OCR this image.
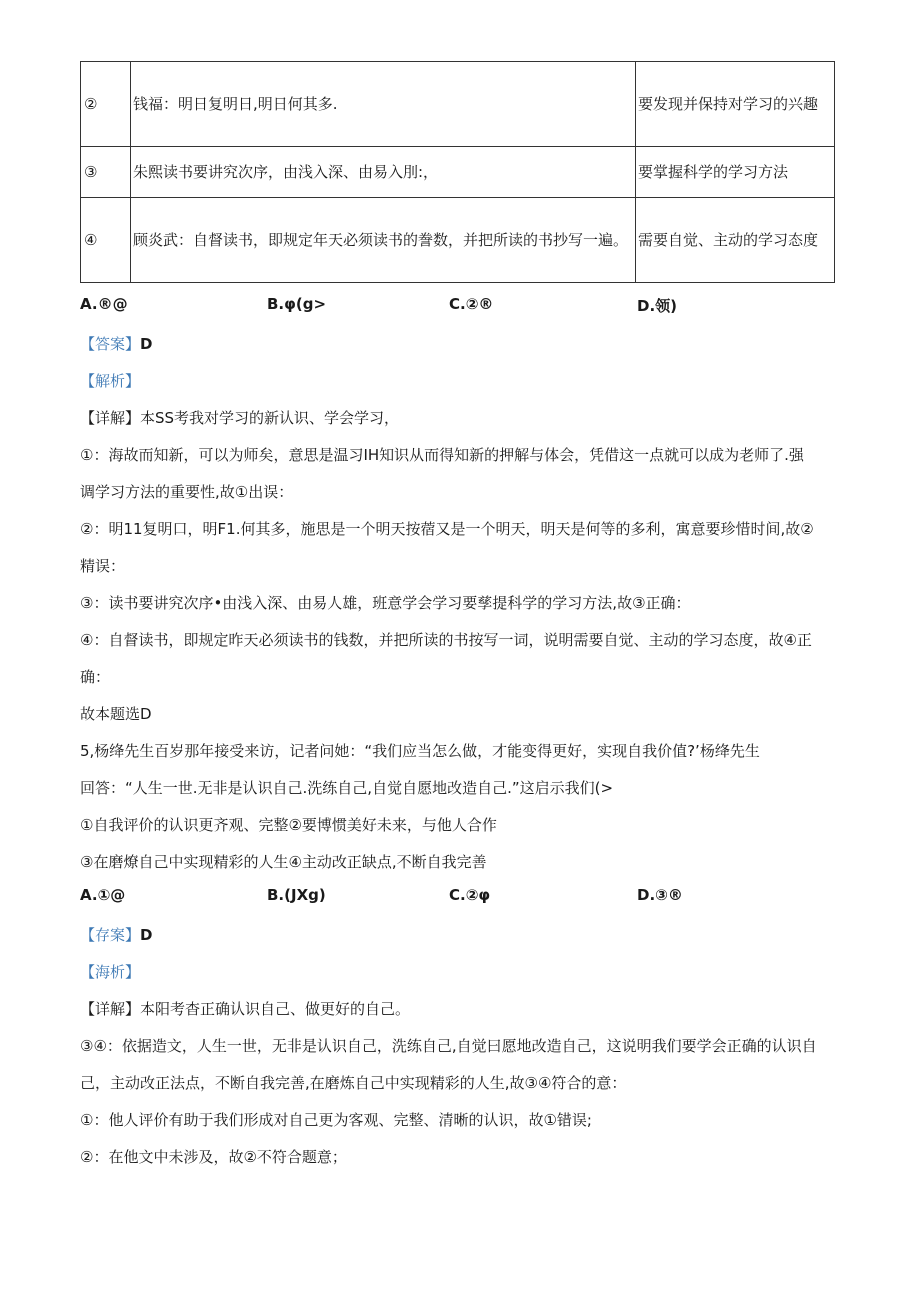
②	钱福：明日复明日,明日何其多.	要发现并保持对学习的兴趣
③	朱熙读书要讲究次序，由浅入深、由易入刖:，	要掌握科学的学习方法
④	顾炎武：自督读书，即规定年天必须读书的誊数，并把所读的书抄写一遍。	需要自觉、主动的学习态度
A.®@	B.φ(g>	C.②®	D.领)
【答案】D
【解析】
【详解】本SS考我对学习的新认识、学会学习，
①：海故而知新，可以为师矣，意思是温习IH知识从而得知新的押解与体会，凭借这一点就可以成为老师了.强
调学习方法的重要性,故①出误：
②：明11复明口，明F1.何其多，施思是一个明天按蓿又是一个明天，明天是何等的多利，寓意要珍惜时间,故②
精误：
③：读书要讲究次序•由浅入深、由易人雄，班意学会学习要孳提科学的学习方法,故③正确：
④：自督读书，即规定昨天必须读书的钱数，并把所读的书按写一词，说明需要自觉、主动的学习态度，故④正
确：
故本题选D
5,杨绛先生百岁那年接受来访，记者问她：“我们应当怎么做，才能变得更好，实现自我价值?’杨绛先生
回答：“人生一世.无非是认识自己.洗练自己,自觉自愿地改造自己.”这启示我们(>
①自我评价的认识更齐观、完整②要博惯美好未来，与他人合作
③在磨燎自己中实现精彩的人生④主动改正缺点,不断自我完善
A.①@	B.(JXg)	C.②φ	D.③®
【存案】D
【海析】
【详解】本阳考杳正确认识自己、做更好的自己。
③④：依据造文，人生一世，无非是认识自己，洗练自己,自觉曰愿地改造自己，这说明我们要学会正确的认识自
己，主动改正法点，不断自我完善,在磨炼自己中实现精彩的人生,故③④符合的意：
①：他人评价有助于我们形成对自己更为客观、完整、清晰的认识，故①错误;
②：在他文中未涉及，故②不符合题意；
